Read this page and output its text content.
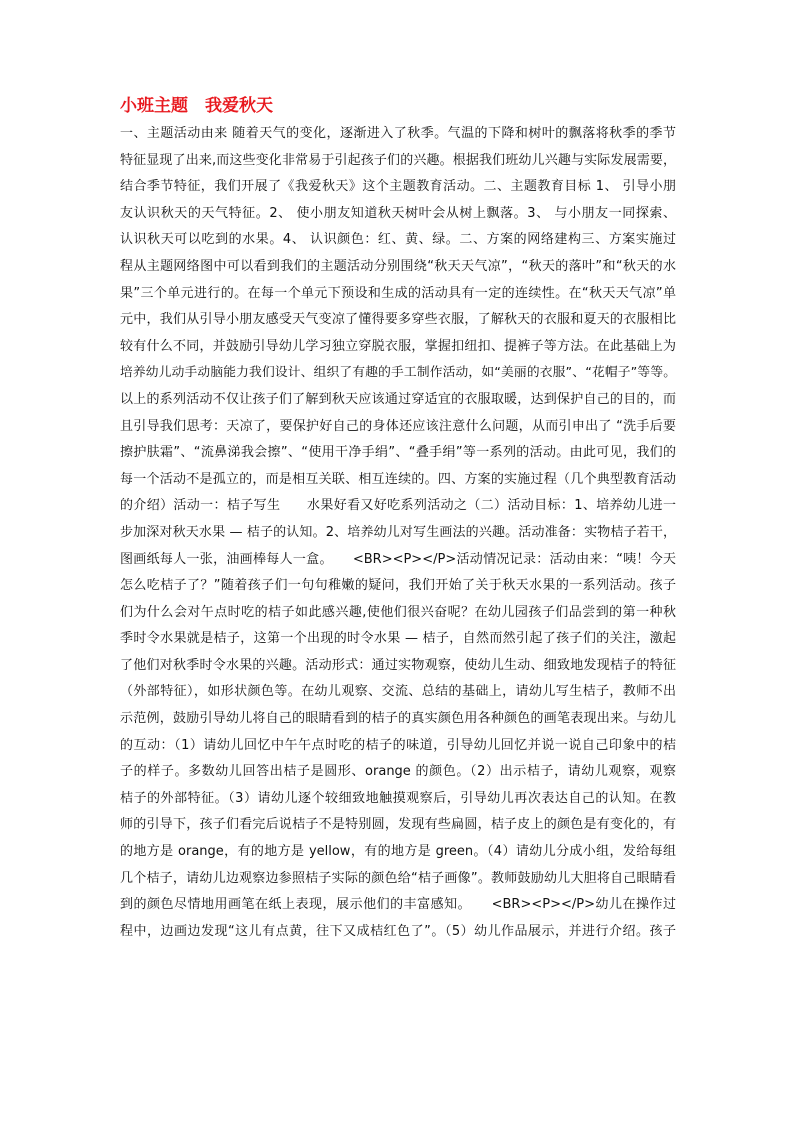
小班主题　我爱秋天
一、主题活动由来 随着天气的变化，逐渐进入了秋季。气温的下降和树叶的飘落将秋季的季节
特征显现了出来,而这些变化非常易于引起孩子们的兴趣。根据我们班幼儿兴趣与实际发展需要，
结合季节特征，我们开展了《我爱秋天》这个主题教育活动。二、主题教育目标 1、 引导小朋
友认识秋天的天气特征。2、 使小朋友知道秋天树叶会从树上飘落。3、 与小朋友一同探索、
认识秋天可以吃到的水果。4、 认识颜色：红、黄、绿。二、方案的网络建构三、方案实施过
程从主题网络图中可以看到我们的主题活动分别围绕“秋天天气凉”，“秋天的落叶”和“秋天的水
果”三个单元进行的。在每一个单元下预设和生成的活动具有一定的连续性。在“秋天天气凉”单
元中，我们从引导小朋友感受天气变凉了懂得要多穿些衣服，了解秋天的衣服和夏天的衣服相比
较有什么不同，并鼓励引导幼儿学习独立穿脱衣服，掌握扣纽扣、提裤子等方法。在此基础上为
培养幼儿动手动脑能力我们设计、组织了有趣的手工制作活动，如“美丽的衣服”、“花帽子”等等。
以上的系列活动不仅让孩子们了解到秋天应该通过穿适宜的衣服取暖，达到保护自己的目的，而
且引导我们思考：天凉了，要保护好自己的身体还应该注意什么问题，从而引申出了 “洗手后要
擦护肤霜”、“流鼻涕我会擦”、“使用干净手绢”、“叠手绢”等一系列的活动。由此可见，我们的
每一个活动不是孤立的，而是相互关联、相互连续的。四、方案的实施过程（几个典型教育活动
的介绍）活动一：桔子写生　　水果好看又好吃系列活动之（二）活动目标：1、培养幼儿进一
步加深对秋天水果 — 桔子的认知。2、培养幼儿对写生画法的兴趣。活动准备：实物桔子若干，
图画纸每人一张，油画棒每人一盒。　　<BR><P></P>活动情况记录：活动由来：“咦！今天
怎么吃桔子了？”随着孩子们一句句稚嫩的疑问，我们开始了关于秋天水果的一系列活动。孩子
们为什么会对午点时吃的桔子如此感兴趣,使他们很兴奋呢？在幼儿园孩子们品尝到的第一种秋
季时令水果就是桔子，这第一个出现的时令水果 — 桔子，自然而然引起了孩子们的关注，激起
了他们对秋季时令水果的兴趣。活动形式：通过实物观察，使幼儿生动、细致地发现桔子的特征
（外部特征），如形状颜色等。在幼儿观察、交流、总结的基础上，请幼儿写生桔子，教师不出
示范例，鼓励引导幼儿将自己的眼睛看到的桔子的真实颜色用各种颜色的画笔表现出来。与幼儿
的互动：（1）请幼儿回忆中午午点时吃的桔子的味道，引导幼儿回忆并说一说自己印象中的桔
子的样子。多数幼儿回答出桔子是圆形、orange 的颜色。（2）出示桔子，请幼儿观察，观察
桔子的外部特征。（3）请幼儿逐个较细致地触摸观察后，引导幼儿再次表达自己的认知。在教
师的引导下，孩子们看完后说桔子不是特别圆，发现有些扁圆，桔子皮上的颜色是有变化的，有
的地方是 orange，有的地方是 yellow，有的地方是 green。（4）请幼儿分成小组，发给每组
几个桔子，请幼儿边观察边参照桔子实际的颜色给“桔子画像”。教师鼓励幼儿大胆将自己眼睛看
到的颜色尽情地用画笔在纸上表现，展示他们的丰富感知。　　<BR><P></P>幼儿在操作过
程中，边画边发现“这儿有点黄，往下又成桔红色了”。（5）幼儿作品展示，并进行介绍。孩子
